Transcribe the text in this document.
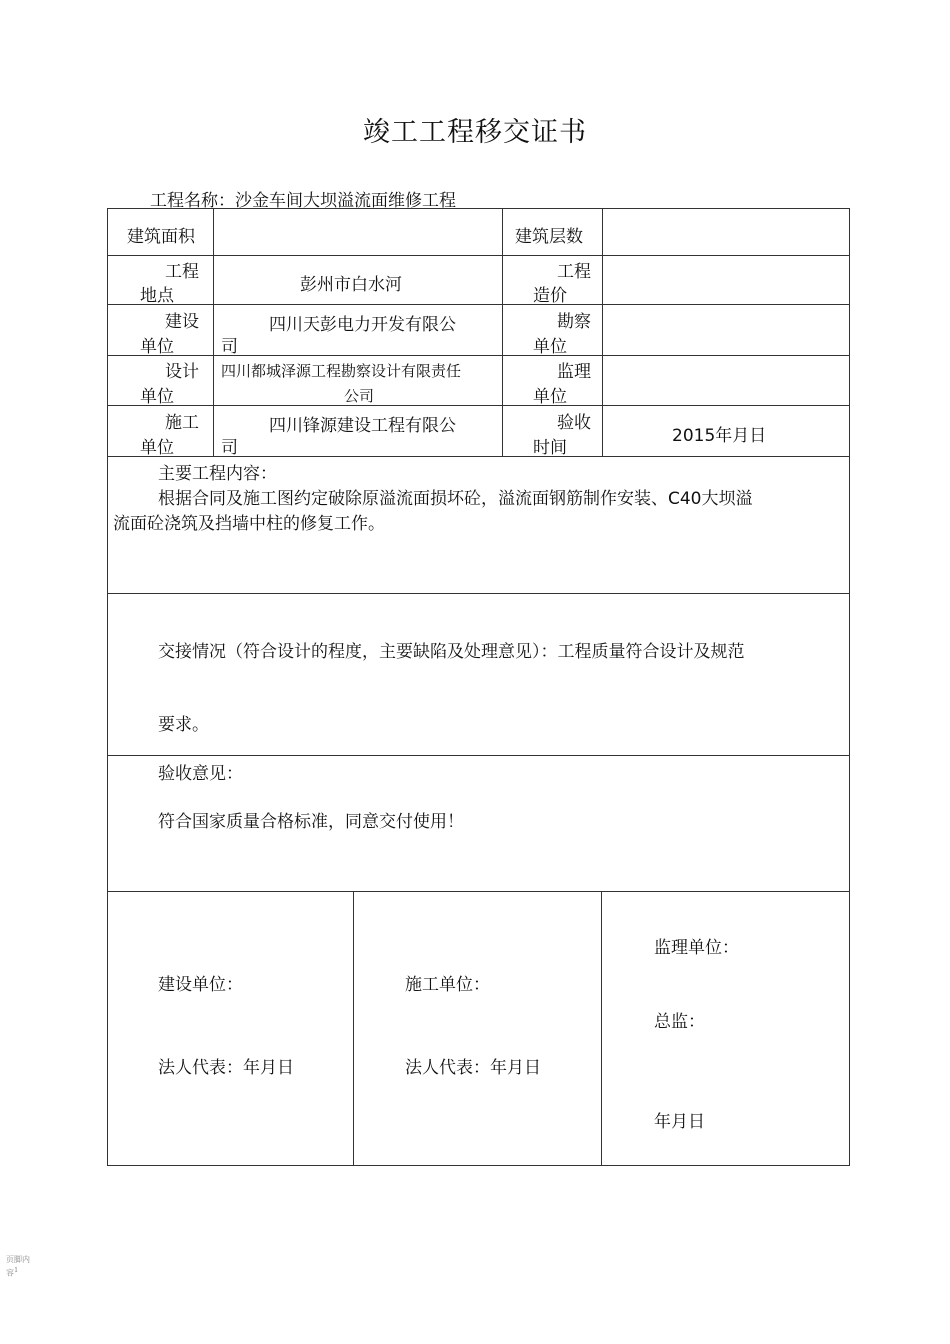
竣工工程移交证书
工程名称：沙金车间大坝溢流面维修工程
建筑面积	建筑层数
工程
地点
彭州市白水河
工程
造价
建设
单位
四川天彭电力开发有限公
司
勘察
单位
设计
单位
四川都城泽源工程勘察设计有限责任
公司
监理
单位
施工
单位
四川锋源建设工程有限公
司
验收
时间
2015年月日
主要工程内容：
根据合同及施工图约定破除原溢流面损坏砼，溢流面钢筋制作安装、C40大坝溢
流面砼浇筑及挡墙中柱的修复工作。
交接情况（符合设计的程度，主要缺陷及处理意见）：工程质量符合设计及规范
要求。
验收意见：
符合国家质量合格标准，同意交付使用！
建设单位：
法人代表：年月日
施工单位：
法人代表：年月日
监理单位：
总监：
年月日
页脚内
容$^1$
